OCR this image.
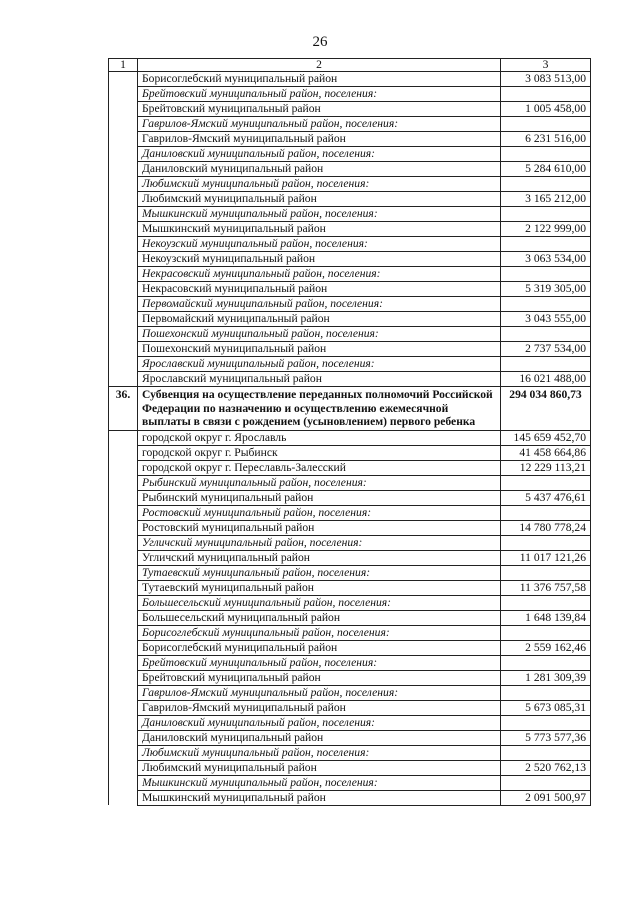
26
1	2	3
	Борисоглебский муниципальный район	3 083 513,00
	Брейтовский муниципальный район, поселения:	
	Брейтовский муниципальный район	1 005 458,00
	Гаврилов-Ямский муниципальный район, поселения:	
	Гаврилов-Ямский муниципальный район	6 231 516,00
	Даниловский муниципальный район, поселения:	
	Даниловский муниципальный район	5 284 610,00
	Любимский муниципальный район, поселения:	
	Любимский муниципальный район	3 165 212,00
	Мышкинский муниципальный район, поселения:	
	Мышкинский муниципальный район	2 122 999,00
	Некоузский муниципальный район, поселения:	
	Некоузский муниципальный район	3 063 534,00
	Некрасовский муниципальный район, поселения:	
	Некрасовский муниципальный район	5 319 305,00
	Первомайский муниципальный район, поселения:	
	Первомайский муниципальный район	3 043 555,00
	Пошехонский муниципальный район, поселения:	
	Пошехонский муниципальный район	2 737 534,00
	Ярославский муниципальный район, поселения:	
	Ярославский муниципальный район	16 021 488,00
36.	Субвенция на осуществление переданных полномочий Российской Федерации по назначению и осуществлению ежемесячной выплаты в связи с рождением (усыновлением) первого ребенка	294 034 860,73
	городской округ г. Ярославль	145 659 452,70
	городской округ г. Рыбинск	41 458 664,86
	городской округ г. Переславль-Залесский	12 229 113,21
	Рыбинский муниципальный район, поселения:	
	Рыбинский муниципальный район	5 437 476,61
	Ростовский муниципальный район, поселения:	
	Ростовский муниципальный район	14 780 778,24
	Угличский муниципальный район, поселения:	
	Угличский муниципальный район	11 017 121,26
	Тутаевский муниципальный район, поселения:	
	Тутаевский муниципальный район	11 376 757,58
	Большесельский муниципальный район, поселения:	
	Большесельский муниципальный район	1 648 139,84
	Борисоглебский муниципальный район, поселения:	
	Борисоглебский муниципальный район	2 559 162,46
	Брейтовский муниципальный район, поселения:	
	Брейтовский муниципальный район	1 281 309,39
	Гаврилов-Ямский муниципальный район, поселения:	
	Гаврилов-Ямский муниципальный район	5 673 085,31
	Даниловский муниципальный район, поселения:	
	Даниловский муниципальный район	5 773 577,36
	Любимский муниципальный район, поселения:	
	Любимский муниципальный район	2 520 762,13
	Мышкинский муниципальный район, поселения:	
	Мышкинский муниципальный район	2 091 500,97
